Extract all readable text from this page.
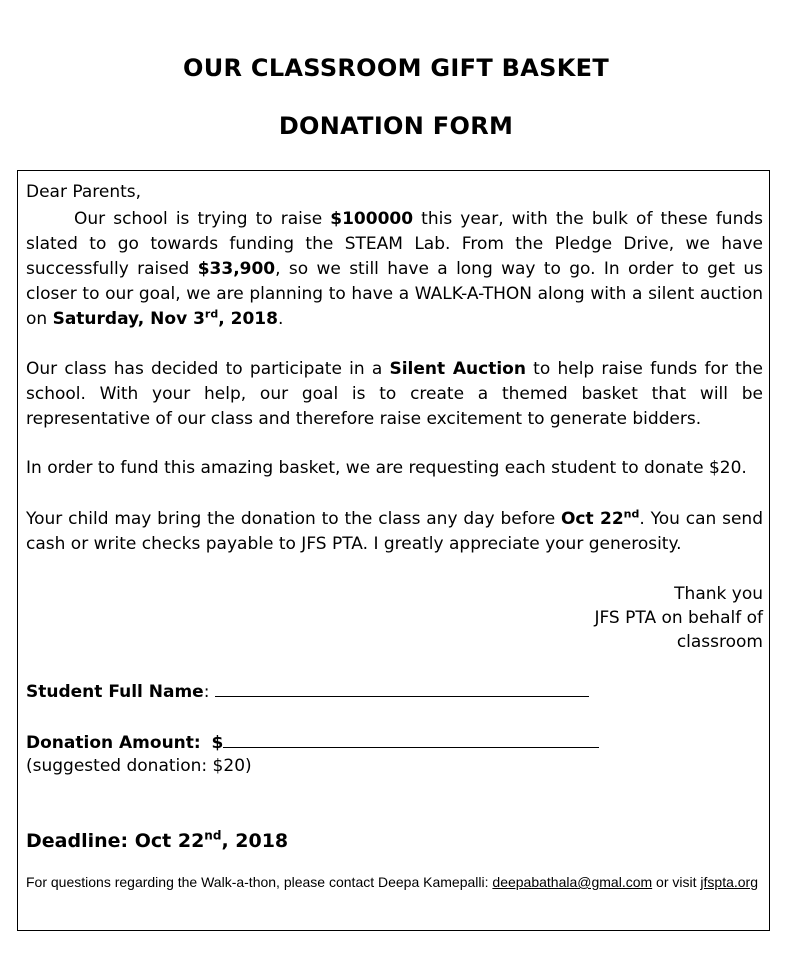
OUR CLASSROOM GIFT BASKET
DONATION FORM
Dear Parents,

Our school is trying to raise $100000 this year, with the bulk of these funds slated to go towards funding the STEAM Lab. From the Pledge Drive, we have successfully raised $33,900, so we still have a long way to go. In order to get us closer to our goal, we are planning to have a WALK-A-THON along with a silent auction on Saturday, Nov 3rd, 2018.

Our class has decided to participate in a Silent Auction to help raise funds for the school. With your help, our goal is to create a themed basket that will be representative of our class and therefore raise excitement to generate bidders.

In order to fund this amazing basket, we are requesting each student to donate $20.

Your child may bring the donation to the class any day before Oct 22nd. You can send cash or write checks payable to JFS PTA. I greatly appreciate your generosity.

Thank you
JFS PTA on behalf of
classroom
Student Full Name:
Donation Amount: $
(suggested donation: $20)
Deadline: Oct 22nd, 2018
For questions regarding the Walk-a-thon, please contact Deepa Kamepalli: deepabathala@gmal.com or visit jfspta.org
